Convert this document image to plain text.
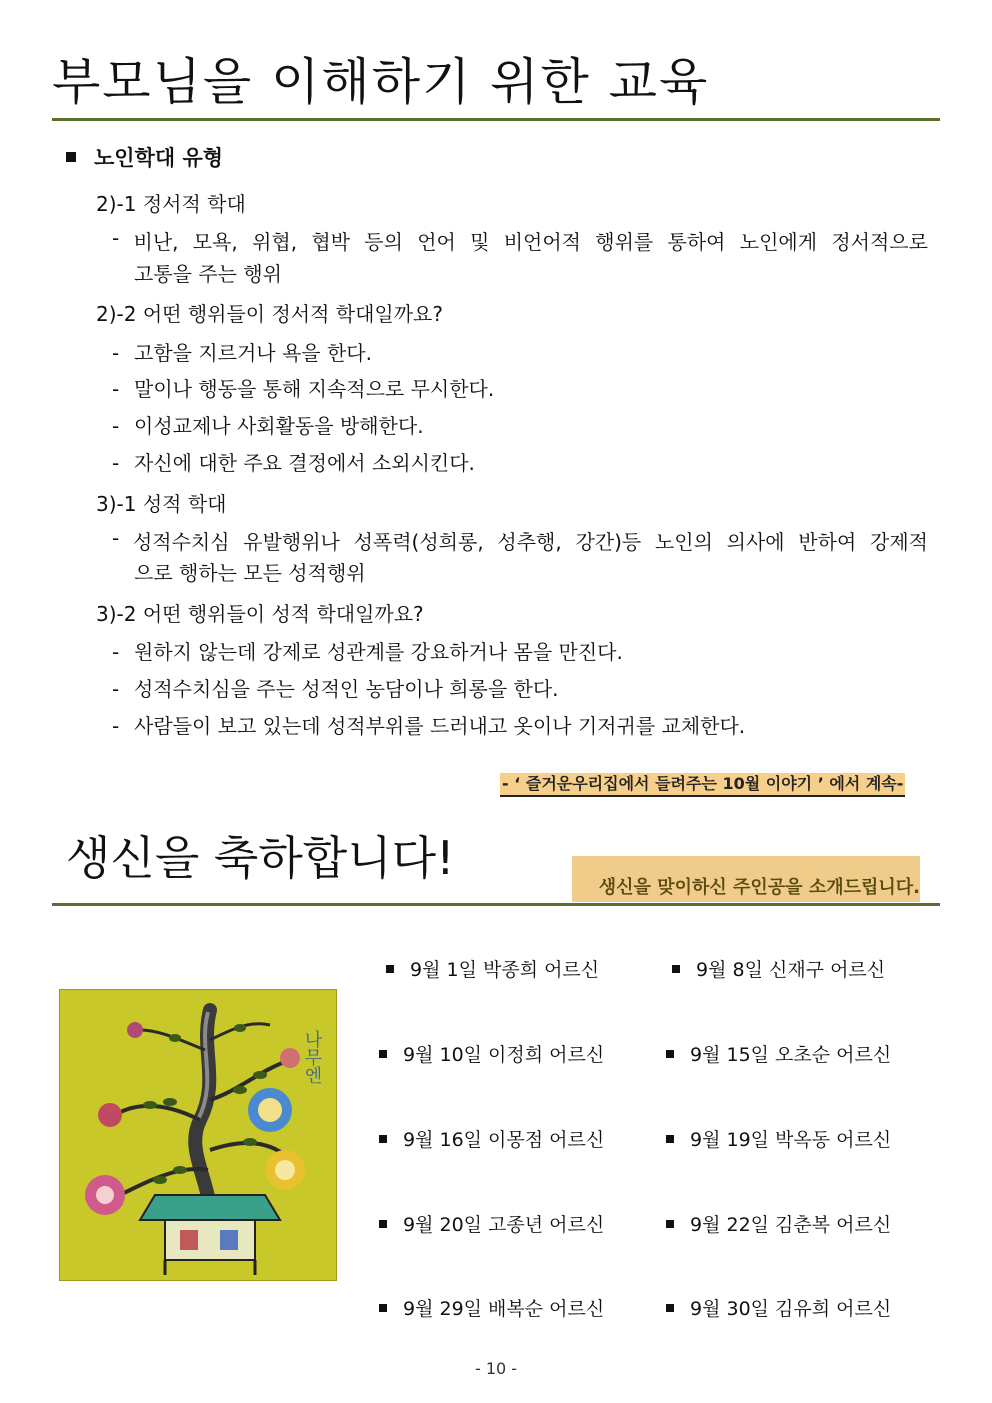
부모님을 이해하기 위한 교육
노인학대 유형
2)-1 정서적 학대
- 비난, 모욕, 위협, 협박 등의 언어 및 비언어적 행위를 통하여 노인에게 정서적으로
고통을 주는 행위
2)-2 어떤 행위들이 정서적 학대일까요?
- 고함을 지르거나 욕을 한다.
- 말이나 행동을 통해 지속적으로 무시한다.
- 이성교제나 사회활동을 방해한다.
- 자신에 대한 주요 결정에서 소외시킨다.
3)-1 성적 학대
- 성적수치심 유발행위나 성폭력(성희롱, 성추행, 강간)등 노인의 의사에 반하여 강제적
으로 행하는 모든 성적행위
3)-2 어떤 행위들이 성적 학대일까요?
- 원하지 않는데 강제로 성관계를 강요하거나 몸을 만진다.
- 성적수치심을 주는 성적인 농담이나 희롱을 한다.
- 사람들이 보고 있는데 성적부위를 드러내고 옷이나 기저귀를 교체한다.
- ‘ 즐거운우리집에서 들려주는 10월 이야기 ’ 에서 계속-
생신을 축하합니다!
생신을 맞이하신 주인공을 소개드립니다.
나무엔
9월 1일 박종희 어르신	9월 8일 신재구 어르신
9월 10일 이정희 어르신	9월 15일 오초순 어르신
9월 16일 이몽점 어르신	9월 19일 박옥동 어르신
9월 20일 고종년 어르신	9월 22일 김춘복 어르신
9월 29일 배복순 어르신	9월 30일 김유희 어르신
- 10 -
